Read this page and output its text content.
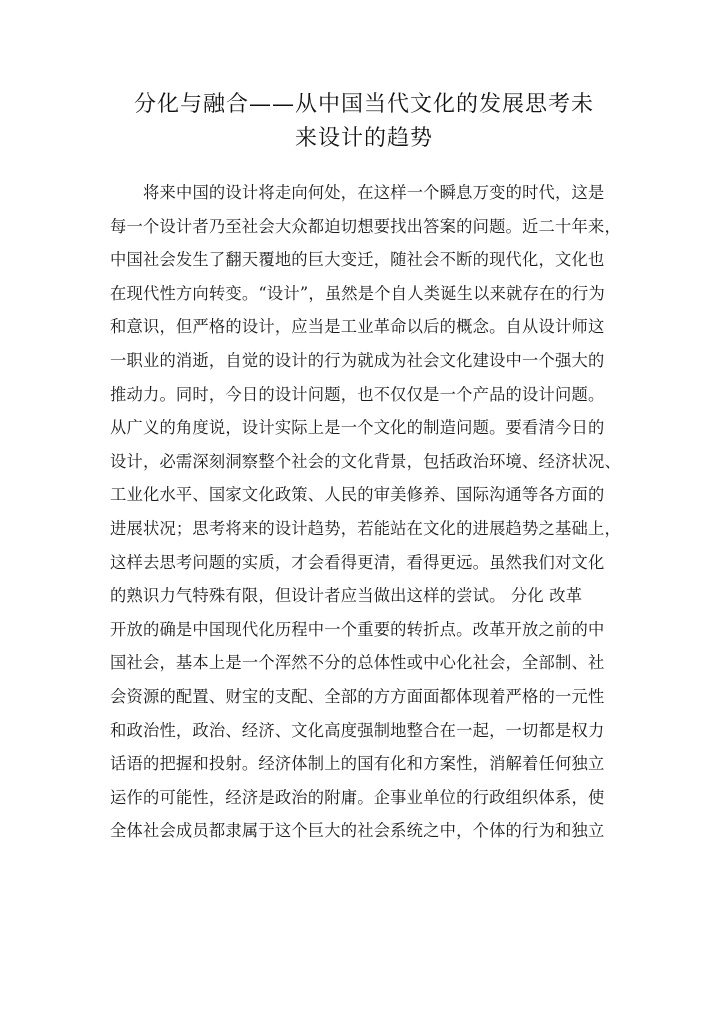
分化与融合——从中国当代文化的发展思考未
来设计的趋势
将来中国的设计将走向何处，在这样一个瞬息万变的时代，这是
每一个设计者乃至社会大众都迫切想要找出答案的问题。近二十年来，
中国社会发生了翻天覆地的巨大变迁，随社会不断的现代化，文化也
在现代性方向转变。“设计”，虽然是个自人类诞生以来就存在的行为
和意识，但严格的设计，应当是工业革命以后的概念。自从设计师这
一职业的消逝，自觉的设计的行为就成为社会文化建设中一个强大的
推动力。同时，今日的设计问题，也不仅仅是一个产品的设计问题。
从广义的角度说，设计实际上是一个文化的制造问题。要看清今日的
设计，必需深刻洞察整个社会的文化背景，包括政治环境、经济状况、
工业化水平、国家文化政策、人民的审美修养、国际沟通等各方面的
进展状况；思考将来的设计趋势，若能站在文化的进展趋势之基础上，
这样去思考问题的实质，才会看得更清，看得更远。虽然我们对文化
的熟识力气特殊有限，但设计者应当做出这样的尝试。 分化 改革
开放的确是中国现代化历程中一个重要的转折点。改革开放之前的中
国社会，基本上是一个浑然不分的总体性或中心化社会，全部制、社
会资源的配置、财宝的支配、全部的方方面面都体现着严格的一元性
和政治性，政治、经济、文化高度强制地整合在一起，一切都是权力
话语的把握和投射。经济体制上的国有化和方案性，消解着任何独立
运作的可能性，经济是政治的附庸。企事业单位的行政组织体系，使
全体社会成员都隶属于这个巨大的社会系统之中，个体的行为和独立
